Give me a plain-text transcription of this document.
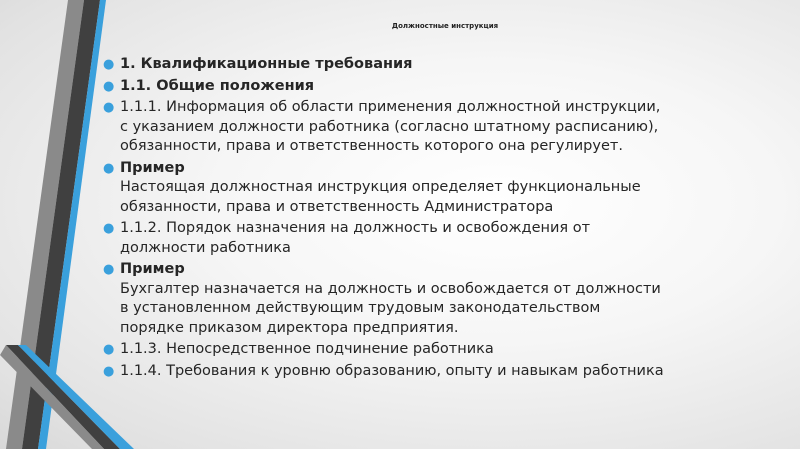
Должностные инструкция
● 1. Квалификационные требования
● 1.1. Общие положения
● 1.1.1. Информация об области применения должностной инструкции,
с указанием должности работника (согласно штатному расписанию),
обязанности, права и ответственность которого она регулирует.
● Пример
Настоящая должностная инструкция определяет функциональные
обязанности, права и ответственность Администратора
● 1.1.2. Порядок назначения на должность и освобождения от
должности работника
● Пример
Бухгалтер назначается на должность и освобождается от должности
в установленном действующим трудовым законодательством
порядке приказом директора предприятия.
● 1.1.3. Непосредственное подчинение работника
● 1.1.4. Требования к уровню образованию, опыту и навыкам работника
